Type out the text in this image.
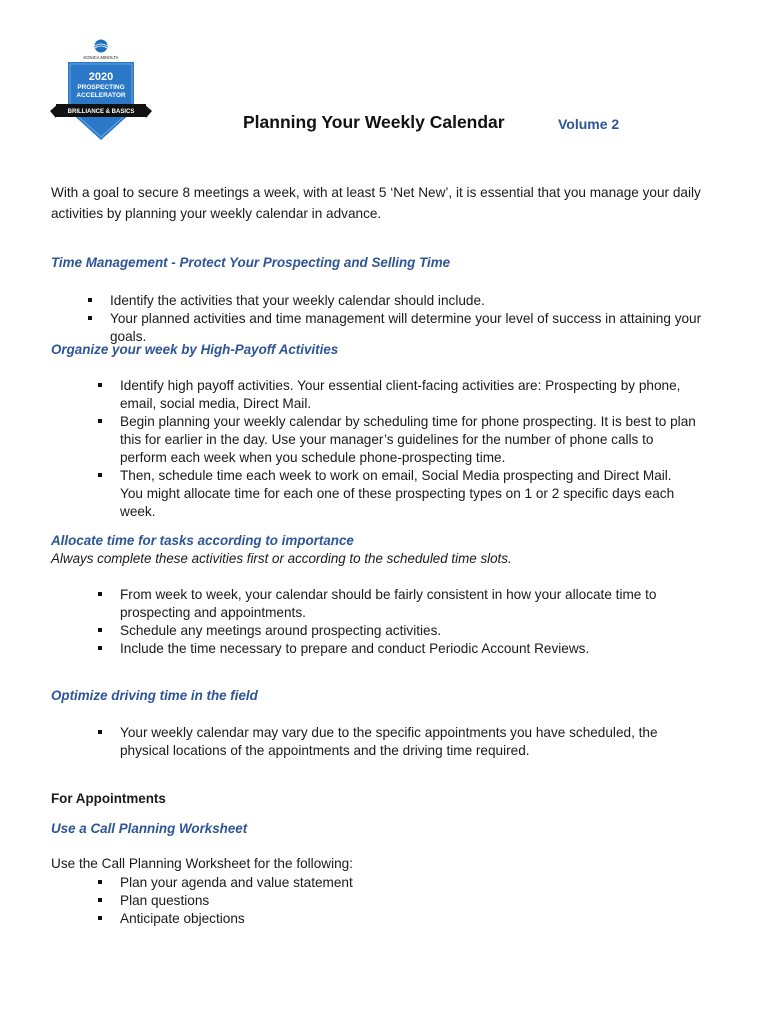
KONICA MINOLTA
2020
PROSPECTING
ACCELERATOR
BRILLIANCE & BASICS	Planning Your Weekly Calendar	Volume 2

With a goal to secure 8 meetings a week, with at least 5 ‘Net New’, it is essential that you manage your daily activities by planning your weekly calendar in advance.

Time Management - Protect Your Prospecting and Selling Time
Identify the activities that your weekly calendar should include.
Your planned activities and time management will determine your level of success in attaining your goals.
Organize your week by High-Payoff Activities
Identify high payoff activities. Your essential client-facing activities are: Prospecting by phone, email, social media, Direct Mail.
Begin planning your weekly calendar by scheduling time for phone prospecting. It is best to plan this for earlier in the day. Use your manager’s guidelines for the number of phone calls to perform each week when you schedule phone-prospecting time.
Then, schedule time each week to work on email, Social Media prospecting and Direct Mail. You might allocate time for each one of these prospecting types on 1 or 2 specific days each week.
Allocate time for tasks according to importance

Always complete these activities first or according to the scheduled time slots.

From week to week, your calendar should be fairly consistent in how your allocate time to prospecting and appointments.
Schedule any meetings around prospecting activities.
Include the time necessary to prepare and conduct Periodic Account Reviews.
Optimize driving time in the field
Your weekly calendar may vary due to the specific appointments you have scheduled, the physical locations of the appointments and the driving time required.
For Appointments
Use a Call Planning Worksheet

Use the Call Planning Worksheet for the following:

Plan your agenda and value statement
Plan questions
Anticipate objections
